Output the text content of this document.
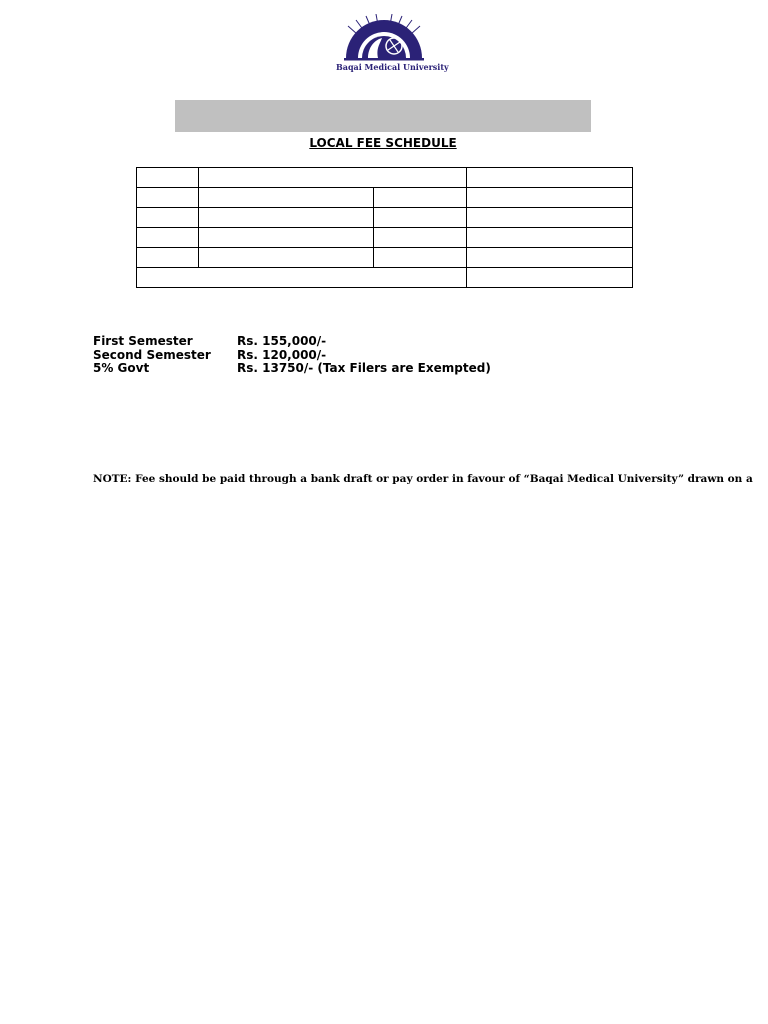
Baqai Medical University
LOCAL FEE SCHEDULE

First Semester	Rs. 155,000/-
Second Semester	Rs. 120,000/-
5% Govt	Rs. 13750/- (Tax Filers are Exempted)
NOTE: Fee should be paid through a bank draft or pay order in favour of “Baqai Medical University” drawn on a
